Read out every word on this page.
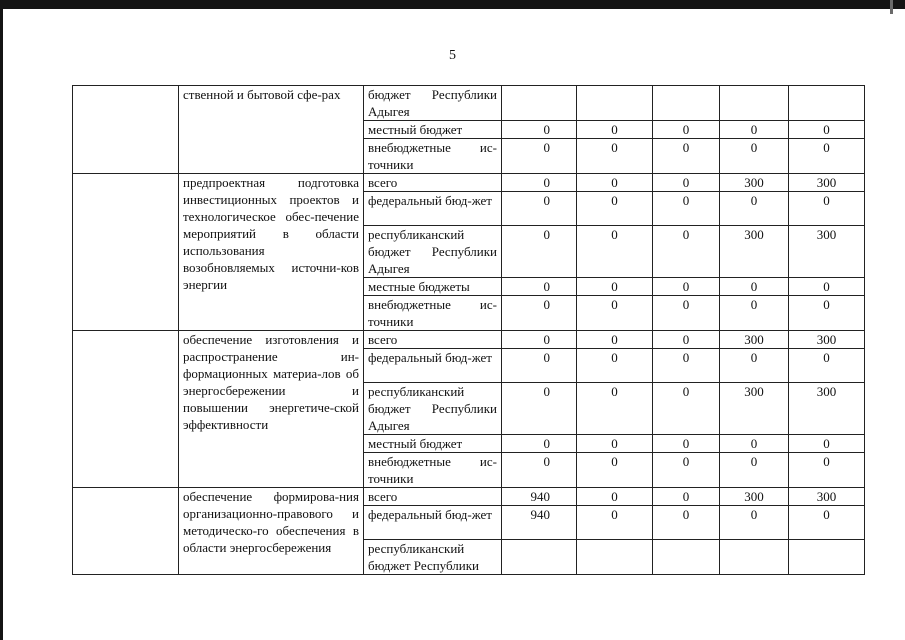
5
	ственной и бытовой сфе-рах	бюджет Республики Адыгея					
		местный бюджет	0	0	0	0	0
		внебюджетные ис-точники	0	0	0	0	0
	предпроектная подготовка инвестиционных проектов и технологическое обес-печение мероприятий в области использования возобновляемых источни-ков энергии	всего	0	0	0	300	300
		федеральный бюд-жет	0	0	0	0	0
		республиканский бюджет Республики Адыгея	0	0	0	300	300
		местные бюджеты	0	0	0	0	0
		внебюджетные ис-точники	0	0	0	0	0
	обеспечение изготовления и распространение ин-формационных материа-лов об энергосбережении и повышении энергетиче-ской эффективности	всего	0	0	0	300	300
		федеральный бюд-жет	0	0	0	0	0
		республиканский бюджет Республики Адыгея	0	0	0	300	300
		местный бюджет	0	0	0	0	0
		внебюджетные ис-точники	0	0	0	0	0
	обеспечение формирова-ния организационно-правового и методическо-го обеспечения в области энергосбережения	всего	940	0	0	300	300
		федеральный бюд-жет	940	0	0	0	0
		республиканский бюджет Республики					
